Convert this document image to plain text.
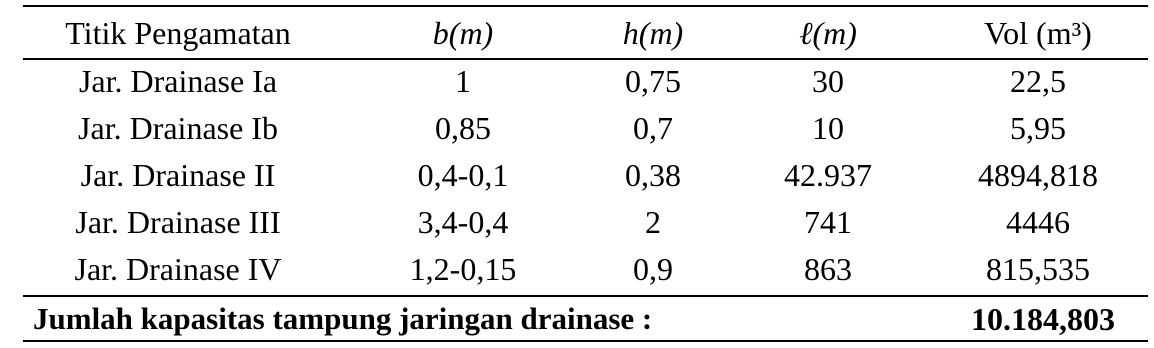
Titik Pengamatan	b(m)	h(m)	ℓ(m)	Vol (m³)
Jar. Drainase Ia	1	0,75	30	22,5
Jar. Drainase Ib	0,85	0,7	10	5,95
Jar. Drainase II	0,4-0,1	0,38	42.937	4894,818
Jar. Drainase III	3,4-0,4	2	741	4446
Jar. Drainase IV	1,2-0,15	0,9	863	815,535
Jumlah kapasitas tampung jaringan drainase :	10.184,803
